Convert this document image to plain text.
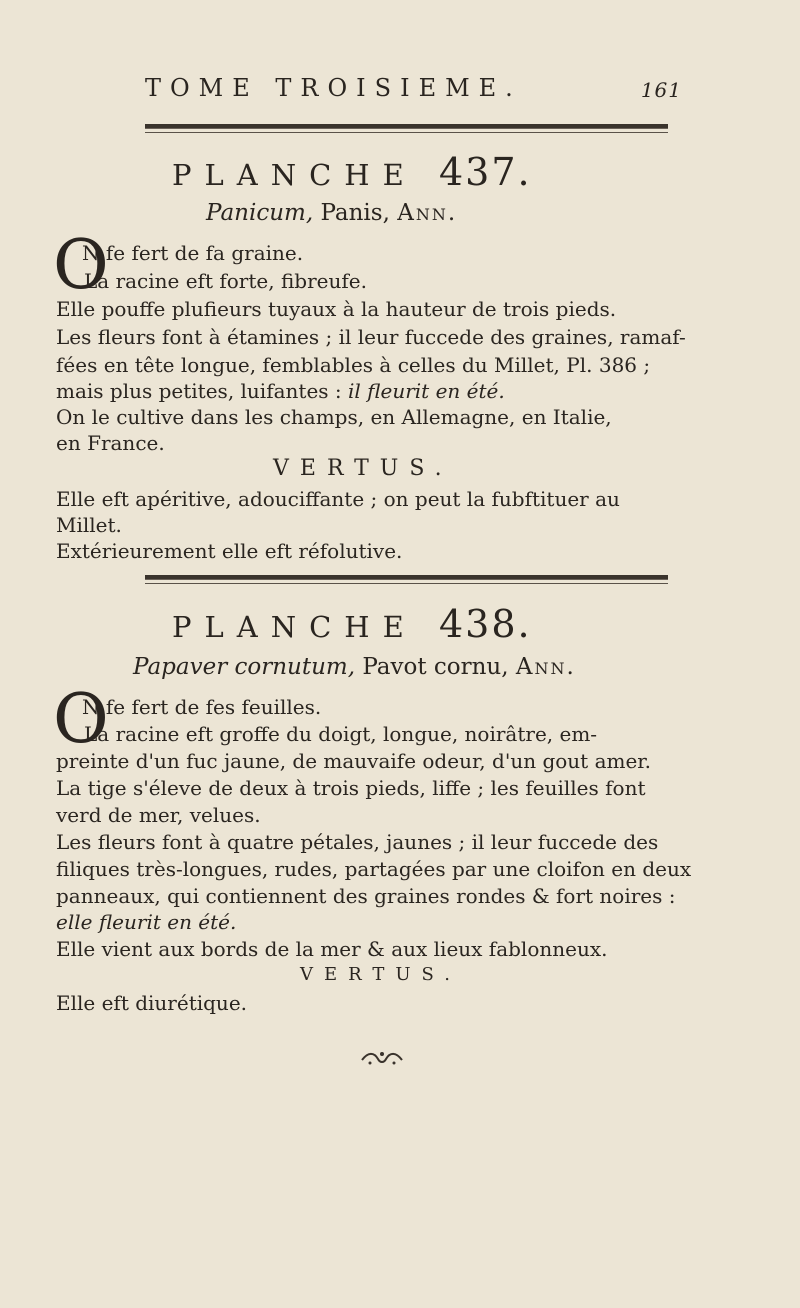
TOME TROISIEME.	161
PLANCHE 437.
Panicum, Panis, Ann.
O
N fe fert de fa graine.
La racine eft forte, fibreufe.
Elle pouffe plufieurs tuyaux à la hauteur de trois pieds.
Les fleurs font à étamines ; il leur fuccede des graines, ramaf-
fées en tête longue, femblables à celles du Millet, Pl. 386 ;
mais plus petites, luifantes : il fleurit en été.
On le cultive dans les champs, en Allemagne, en Italie,
en France.
VERTUS.
Elle eft apéritive, adouciffante ; on peut la fubftituer au
Millet.
Extérieurement elle eft réfolutive.
PLANCHE 438.
Papaver cornutum, Pavot cornu, Ann.
O
N fe fert de fes feuilles.
La racine eft groffe du doigt, longue, noirâtre, em-
preinte d'un fuc jaune, de mauvaife odeur, d'un gout amer.
La tige s'éleve de deux à trois pieds, liffe ; les feuilles font
verd de mer, velues.
Les fleurs font à quatre pétales, jaunes ; il leur fuccede des
filiques très-longues, rudes, partagées par une cloifon en deux
panneaux, qui contiennent des graines rondes & fort noires :
elle fleurit en été.
Elle vient aux bords de la mer & aux lieux fablonneux.
VERTUS.
Elle eft diurétique.
